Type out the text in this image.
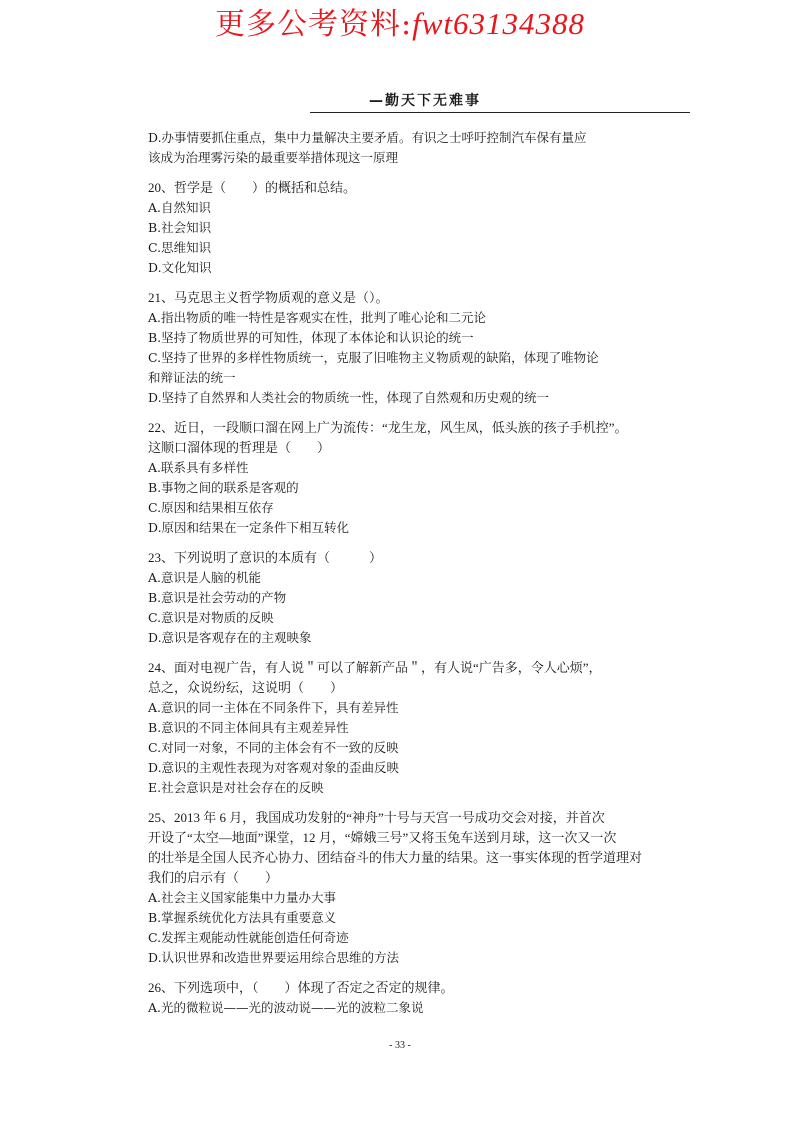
更多公考资料:fwt63134388
—勤天下无难事
D.办事情要抓住重点，集中力量解决主要矛盾。有识之士呼吁控制汽车保有量应
该成为治理雾污染的最重要举措体现这一原理
20、哲学是（　　）的概括和总结。
A.自然知识
B.社会知识
C.思维知识
D.文化知识
21、马克思主义哲学物质观的意义是（）。
A.指出物质的唯一特性是客观实在性，批判了唯心论和二元论
B.坚持了物质世界的可知性，体现了本体论和认识论的统一
C.坚持了世界的多样性物质统一，克服了旧唯物主义物质观的缺陷，体现了唯物论
和辩证法的统一
D.坚持了自然界和人类社会的物质统一性，体现了自然观和历史观的统一
22、近日，一段顺口溜在网上广为流传：“龙生龙，风生凤，低头族的孩子手机控”。
这顺口溜体现的哲理是（　　）
A.联系具有多样性
B.事物之间的联系是客观的
C.原因和结果相互依存
D.原因和结果在一定条件下相互转化
23、下列说明了意识的本质有（　　　）
A.意识是人脑的机能
B.意识是社会劳动的产物
C.意识是对物质的反映
D.意识是客观存在的主观映象
24、面对电视广告，有人说＂可以了解新产品＂，有人说“广告多，令人心烦”，
总之，众说纷纭，这说明（　　）
A.意识的同一主体在不同条件下，具有差异性
B.意识的不同主体间具有主观差异性
C.对同一对象，不同的主体会有不一致的反映
D.意识的主观性表现为对客观对象的歪曲反映
E.社会意识是对社会存在的反映
25、2013 年 6 月，我国成功发射的“神舟”十号与天宫一号成功交会对接，并首次
开设了“太空—地面”课堂，12 月，“嫦娥三号”又将玉兔车送到月球，这一次又一次
的壮举是全国人民齐心协力、团结奋斗的伟大力量的结果。这一事实体现的哲学道理对
我们的启示有（　　）
A.社会主义国家能集中力量办大事
B.掌握系统优化方法具有重要意义
C.发挥主观能动性就能创造任何奇迹
D.认识世界和改造世界要运用综合思维的方法
26、下列选项中，（　　）体现了否定之否定的规律。
A.光的微粒说——光的波动说——光的波粒二象说
- 33 -
